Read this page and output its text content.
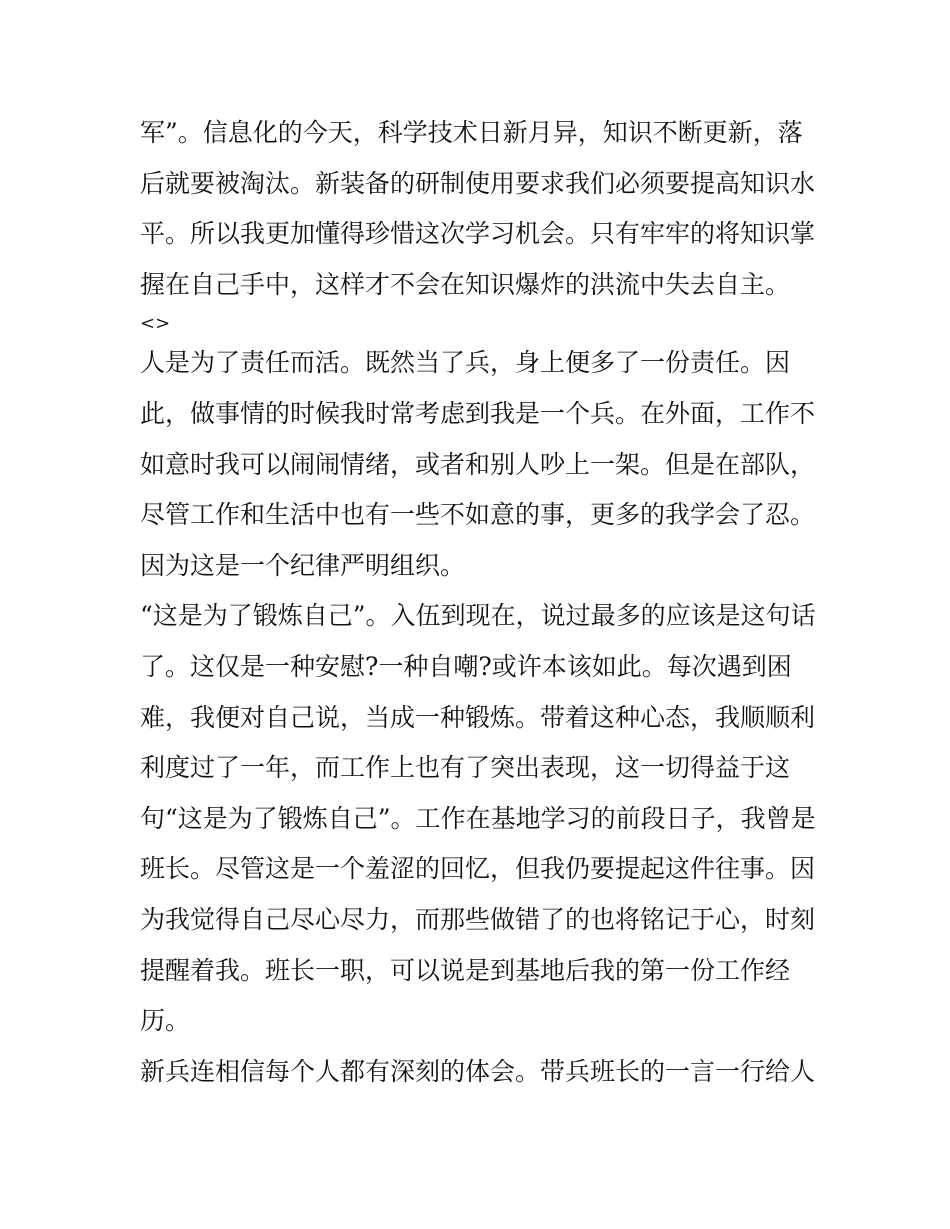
军”。信息化的今天，科学技术日新月异，知识不断更新，落

后就要被淘汰。新装备的研制使用要求我们必须要提高知识水

平。所以我更加懂得珍惜这次学习机会。只有牢牢的将知识掌

握在自己手中，这样才不会在知识爆炸的洪流中失去自主。

<>

人是为了责任而活。既然当了兵，身上便多了一份责任。因

此，做事情的时候我时常考虑到我是一个兵。在外面，工作不

如意时我可以闹闹情绪，或者和别人吵上一架。但是在部队，

尽管工作和生活中也有一些不如意的事，更多的我学会了忍。

因为这是一个纪律严明组织。

“这是为了锻炼自己”。入伍到现在，说过最多的应该是这句话

了。这仅是一种安慰?一种自嘲?或许本该如此。每次遇到困

难，我便对自己说，当成一种锻炼。带着这种心态，我顺顺利

利度过了一年，而工作上也有了突出表现，这一切得益于这

句“这是为了锻炼自己”。工作在基地学习的前段日子，我曾是

班长。尽管这是一个羞涩的回忆，但我仍要提起这件往事。因

为我觉得自己尽心尽力，而那些做错了的也将铭记于心，时刻

提醒着我。班长一职，可以说是到基地后我的第一份工作经

历。

新兵连相信每个人都有深刻的体会。带兵班长的一言一行给人
